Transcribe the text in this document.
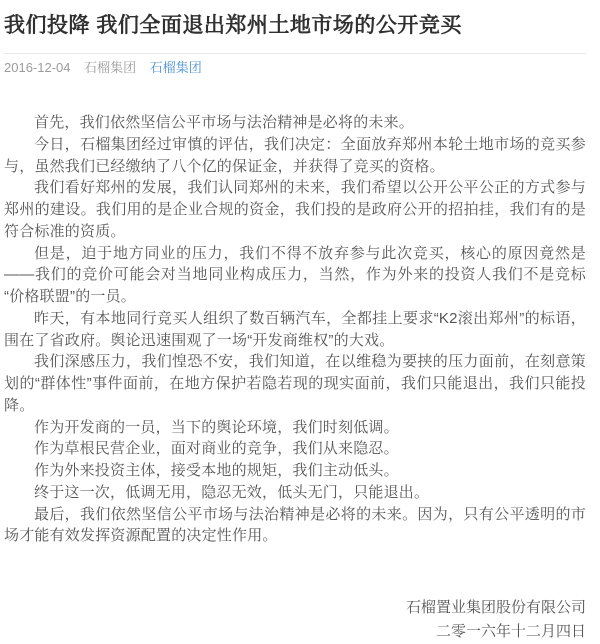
我们投降 我们全面退出郑州土地市场的公开竞买
2016-12-04 石榴集团 石榴集团

首先，我们依然坚信公平市场与法治精神是必将的未来。

今日，石榴集团经过审慎的评估，我们决定：全面放弃郑州本轮土地市场的竞买参与，虽然我们已经缴纳了八个亿的保证金，并获得了竞买的资格。

我们看好郑州的发展，我们认同郑州的未来，我们希望以公开公平公正的方式参与郑州的建设。我们用的是企业合规的资金，我们投的是政府公开的招拍挂，我们有的是符合标准的资质。

但是，迫于地方同业的压力，我们不得不放弃参与此次竞买，核心的原因竟然是——我们的竞价可能会对当地同业构成压力，当然，作为外来的投资人我们不是竞标“价格联盟”的一员。

昨天，有本地同行竞买人组织了数百辆汽车，全都挂上要求“K2滚出郑州”的标语，围在了省政府。舆论迅速围观了一场“开发商维权”的大戏。

我们深感压力，我们惶恐不安，我们知道，在以维稳为要挟的压力面前，在刻意策划的“群体性”事件面前，在地方保护若隐若现的现实面前，我们只能退出，我们只能投降。

作为开发商的一员，当下的舆论环境，我们时刻低调。

作为草根民营企业，面对商业的竞争，我们从来隐忍。

作为外来投资主体，接受本地的规矩，我们主动低头。

终于这一次，低调无用，隐忍无效，低头无门，只能退出。

最后，我们依然坚信公平市场与法治精神是必将的未来。因为，只有公平透明的市场才能有效发挥资源配置的决定性作用。

石榴置业集团股份有限公司

二零一六年十二月四日
